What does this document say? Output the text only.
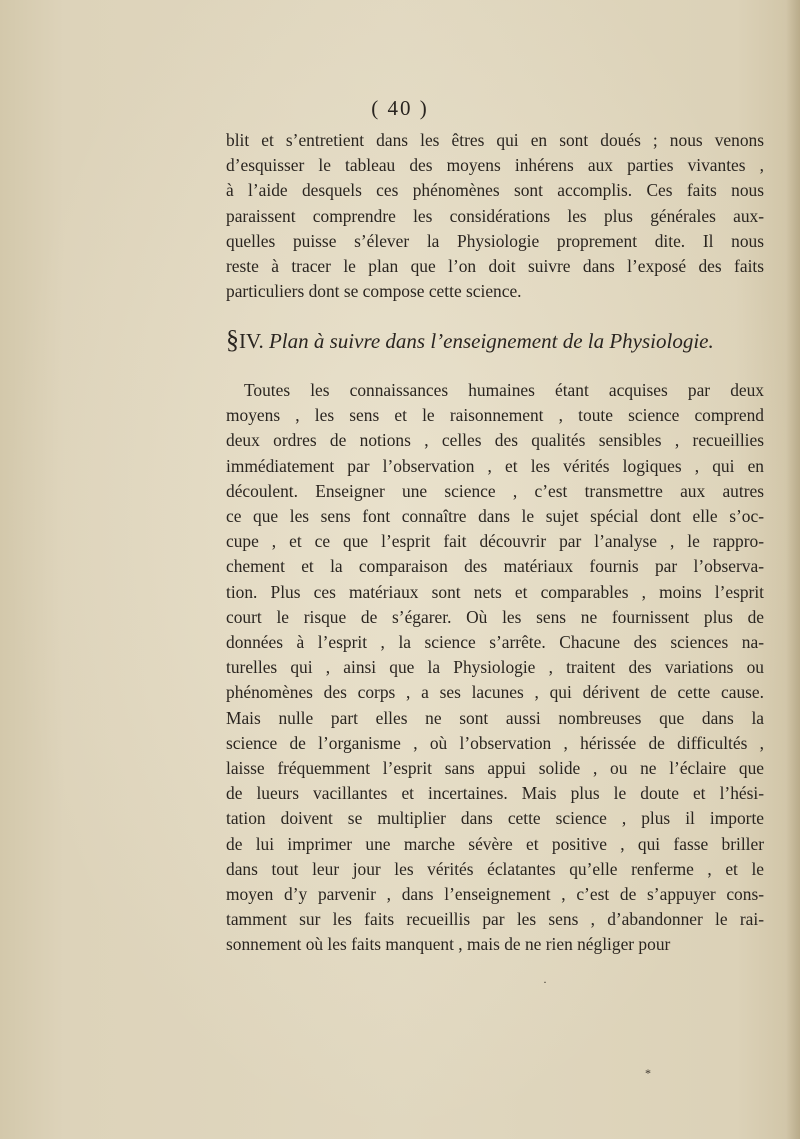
( 40 )
blit et s’entretient dans les êtres qui en sont doués ; nous venons
d’esquisser le tableau des moyens inhérens aux parties vivantes ,
à l’aide desquels ces phénomènes sont accomplis. Ces faits nous
paraissent comprendre les considérations les plus générales aux-
quelles puisse s’élever la Physiologie proprement dite. Il nous
reste à tracer le plan que l’on doit suivre dans l’exposé des faits
particuliers dont se compose cette science.
§IV. Plan à suivre dans l’enseignement de la Physiologie.
Toutes les connaissances humaines étant acquises par deux
moyens , les sens et le raisonnement , toute science comprend
deux ordres de notions , celles des qualités sensibles , recueillies
immédiatement par l’observation , et les vérités logiques , qui en
découlent. Enseigner une science , c’est transmettre aux autres
ce que les sens font connaître dans le sujet spécial dont elle s’oc-
cupe , et ce que l’esprit fait découvrir par l’analyse , le rappro-
chement et la comparaison des matériaux fournis par l’observa-
tion. Plus ces matériaux sont nets et comparables , moins l’esprit
court le risque de s’égarer. Où les sens ne fournissent plus de
données à l’esprit , la science s’arrête. Chacune des sciences na-
turelles qui , ainsi que la Physiologie , traitent des variations ou
phénomènes des corps , a ses lacunes , qui dérivent de cette cause.
Mais nulle part elles ne sont aussi nombreuses que dans la
science de l’organisme , où l’observation , hérissée de difficultés ,
laisse fréquemment l’esprit sans appui solide , ou ne l’éclaire que
de lueurs vacillantes et incertaines. Mais plus le doute et l’hési-
tation doivent se multiplier dans cette science , plus il importe
de lui imprimer une marche sévère et positive , qui fasse briller
dans tout leur jour les vérités éclatantes qu’elle renferme , et le
moyen d’y parvenir , dans l’enseignement , c’est de s’appuyer cons-
tamment sur les faits recueillis par les sens , d’abandonner le rai-
sonnement où les faits manquent , mais de ne rien négliger pour
·
*
